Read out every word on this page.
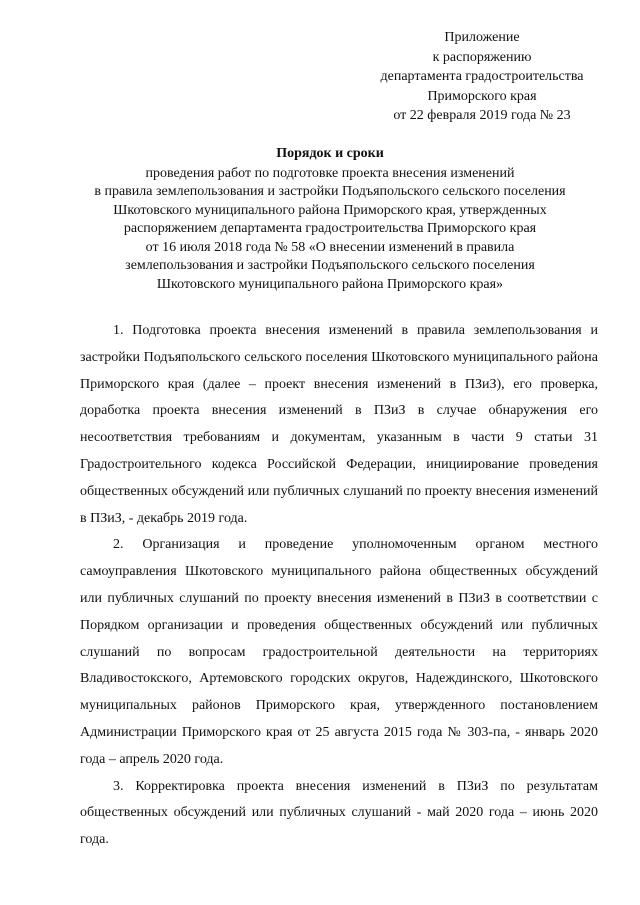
Приложение
к распоряжению
департамента градостроительства
Приморского края
от 22 февраля 2019 года № 23
Порядок и сроки
проведения работ по подготовке проекта внесения изменений
в правила землепользования и застройки Подъяпольского сельского поселения
Шкотовского муниципального района Приморского края, утвержденных
распоряжением департамента градостроительства Приморского края
от 16 июля 2018 года № 58 «О внесении изменений в правила
землепользования и застройки Подъяпольского сельского поселения
Шкотовского муниципального района Приморского края»

1. Подготовка проекта внесения изменений в правила землепользования и застройки Подъяпольского сельского поселения Шкотовского муниципального района Приморского края (далее – проект внесения изменений в ПЗиЗ), его проверка, доработка проекта внесения изменений в ПЗиЗ в случае обнаружения его несоответствия требованиям и документам, указанным в части 9 статьи 31 Градостроительного кодекса Российской Федерации, инициирование проведения общественных обсуждений или публичных слушаний по проекту внесения изменений в ПЗиЗ, - декабрь 2019 года.

2. Организация и проведение уполномоченным органом местного самоуправления Шкотовского муниципального района общественных обсуждений или публичных слушаний по проекту внесения изменений в ПЗиЗ в соответствии с Порядком организации и проведения общественных обсуждений или публичных слушаний по вопросам градостроительной деятельности на территориях Владивостокского, Артемовского городских округов, Надеждинского, Шкотовского муниципальных районов Приморского края, утвержденного постановлением Администрации Приморского края от 25 августа 2015 года № 303-па, - январь 2020 года – апрель 2020 года.

3. Корректировка проекта внесения изменений в ПЗиЗ по результатам общественных обсуждений или публичных слушаний - май 2020 года – июнь 2020 года.
